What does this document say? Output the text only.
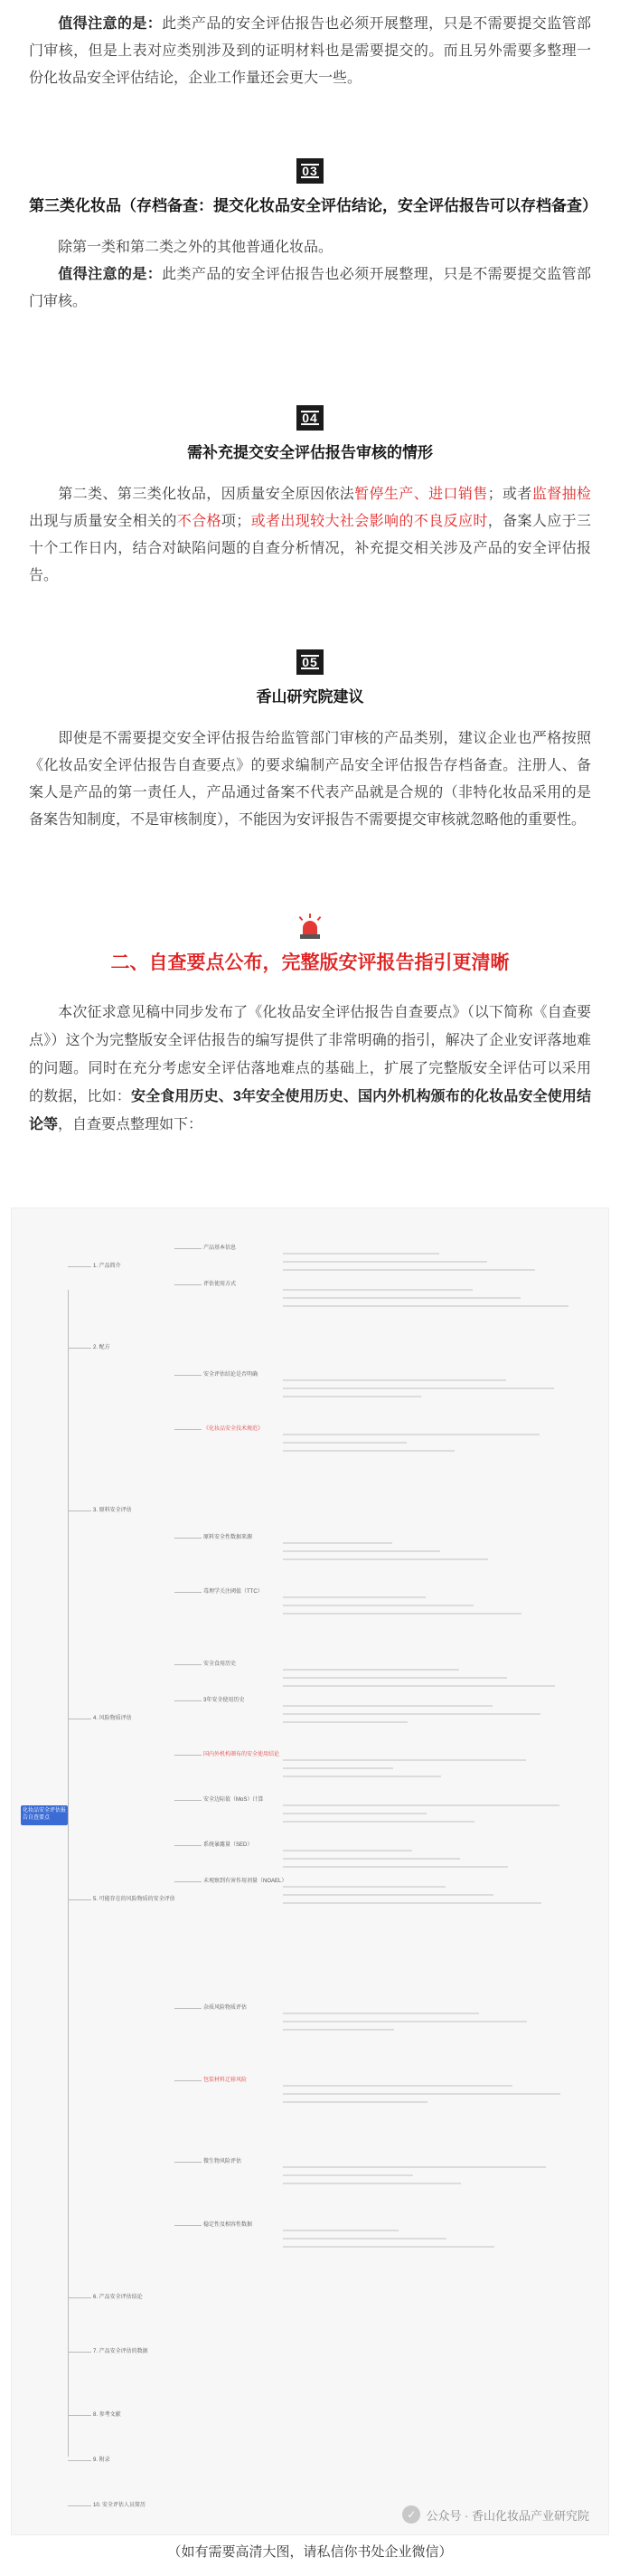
值得注意的是：此类产品的安全评估报告也必须开展整理，只是不需要提交监管部门审核，但是上表对应类别涉及到的证明材料也是需要提交的。而且另外需要多整理一份化妆品安全评估结论，企业工作量还会更大一些。

03
第三类化妆品（存档备查：提交化妆品安全评估结论，安全评估报告可以存档备查）

除第一类和第二类之外的其他普通化妆品。

值得注意的是：此类产品的安全评估报告也必须开展整理，只是不需要提交监管部门审核。

04
需补充提交安全评估报告审核的情形

第二类、第三类化妆品，因质量安全原因依法暂停生产、进口销售；或者监督抽检出现与质量安全相关的不合格项；或者出现较大社会影响的不良反应时，备案人应于三十个工作日内，结合对缺陷问题的自查分析情况，补充提交相关涉及产品的安全评估报告。

05
香山研究院建议

即使是不需要提交安全评估报告给监管部门审核的产品类别，建议企业也严格按照《化妆品安全评估报告自查要点》的要求编制产品安全评估报告存档备查。注册人、备案人是产品的第一责任人，产品通过备案不代表产品就是合规的（非特化妆品采用的是备案告知制度，不是审核制度），不能因为安评报告不需要提交审核就忽略他的重要性。

二、自查要点公布，完整版安评报告指引更清晰

本次征求意见稿中同步发布了《化妆品安全评估报告自查要点》（以下简称《自查要点》）这个为完整版安全评估报告的编写提供了非常明确的指引，解决了企业安评落地难的问题。同时在充分考虑安全评估落地难点的基础上，扩展了完整版安全评估可以采用的数据，比如：安全食用历史、3年安全使用历史、国内外机构颁布的化妆品安全使用结论等，自查要点整理如下：

化妆品安全评估报告自查要点
1. 产品简介
2. 配方
3. 原料安全评估
4. 风险物质评估
5. 可能存在的风险物质的安全评估
6. 产品安全评估结论
7. 产品安全评估的数据
8. 参考文献
9. 附录
10. 安全评估人员简历
产品基本信息
评估使用方式
安全评估结论是否明确
《化妆品安全技术规范》
原料安全性数据来源
毒理学关注阈值（TTC）
安全食用历史
3年安全使用历史
国内外机构颁布的安全使用结论
安全边际值（MoS）计算
系统暴露量（SED）
未观察到有害作用剂量（NOAEL）
杂质风险物质评估
包装材料迁移风险
微生物风险评估
稳定性及相容性数据
✓ 公众号 · 香山化妆品产业研究院
（如有需要高清大图，请私信你书处企业微信）
